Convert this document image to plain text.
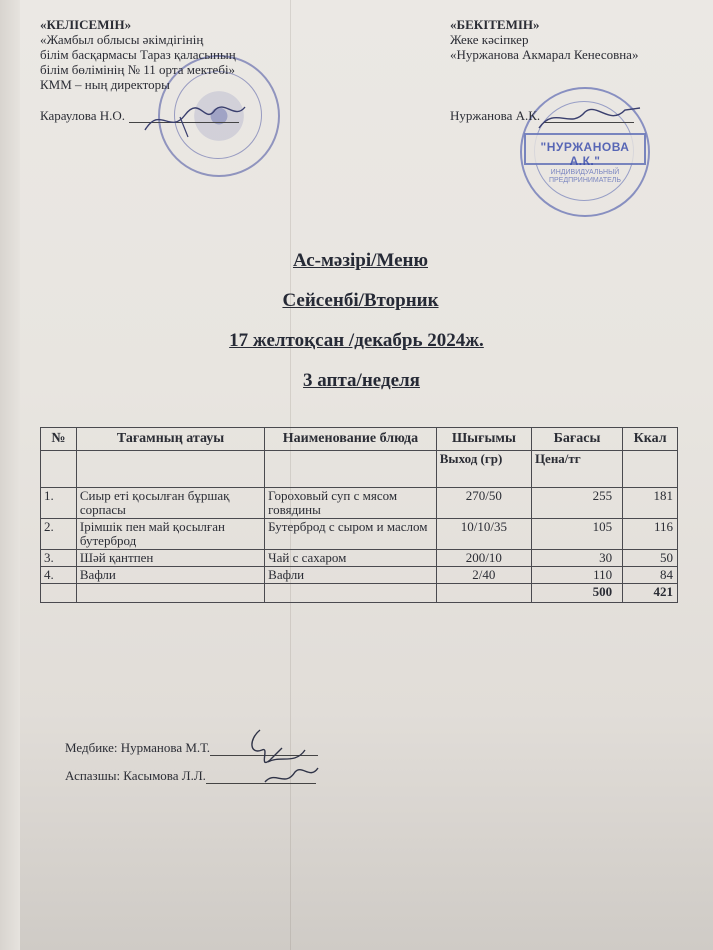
"НУРЖАНОВА А.К."
ИНДИВИДУАЛЬНЫЙ ПРЕДПРИНИМАТЕЛЬ
«КЕЛІСЕМІН»
«Жамбыл облысы әкімдігінің
білім басқармасы Тараз қаласының
білім бөлімінің № 11 орта мектебі»
КММ – ның директоры
Караулова Н.О.
«БЕКІТЕМІН»
Жеке кәсіпкер
«Нуржанова Акмарал Кенесовна»
Нуржанова А.К.
Ас-мәзірі/Меню
Сейсенбі/Вторник
17 желтоқсан /декабрь 2024ж.
3 апта/неделя
№	Тағамның атауы	Наименование блюда	Шығымы	Бағасы	Ккал
			Выход (гр)	Цена/тг	
1.	Сиыр еті қосылған бұршақ сорпасы	Гороховый суп с мясом говядины	270/50	255	181
2.	Ірімшік пен май қосылған бутерброд	Бутерброд с сыром и маслом	10/10/35	105	116
3.	Шәй қантпен	Чай с сахаром	200/10	30	50
4.	Вафли	Вафли	2/40	110	84
				500	421
Медбике: Нурманова М.Т.
Аспазшы: Касымова Л.Л.
